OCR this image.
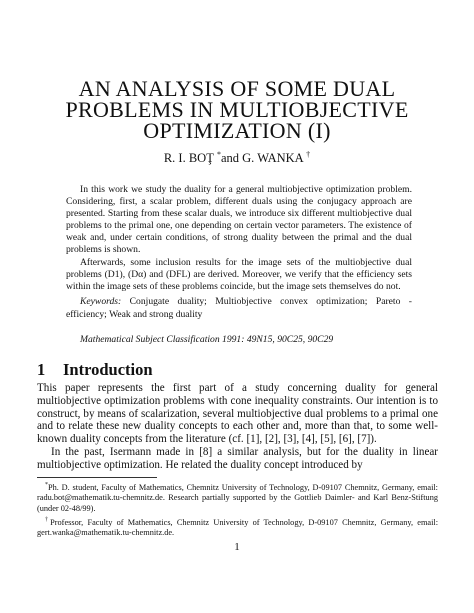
AN ANALYSIS OF SOME DUAL
PROBLEMS IN MULTIOBJECTIVE
OPTIMIZATION (I)
R. I. BOŢ *and G. WANKA †

In this work we study the duality for a general multiobjective optimization problem. Considering, first, a scalar problem, different duals using the conjugacy approach are presented. Starting from these scalar duals, we introduce six different multiobjective dual problems to the primal one, one depending on certain vector parameters. The existence of weak and, under certain conditions, of strong duality between the primal and the dual problems is shown.

Afterwards, some inclusion results for the image sets of the multiobjective dual problems (D1), (Dα) and (DFL) are derived. Moreover, we verify that the efficiency sets within the image sets of these problems coincide, but the image sets themselves do not.

Keywords: Conjugate duality; Multiobjective convex optimization; Pareto - efficiency; Weak and strong duality
Mathematical Subject Classification 1991: 49N15, 90C25, 90C29
1 Introduction

This paper represents the first part of a study concerning duality for general multiobjective optimization problems with cone inequality constraints. Our intention is to construct, by means of scalarization, several multiobjective dual problems to a primal one and to relate these new duality concepts to each other and, more than that, to some well-known duality concepts from the literature (cf. [1], [2], [3], [4], [5], [6], [7]).

In the past, Isermann made in [8] a similar analysis, but for the duality in linear multiobjective optimization. He related the duality concept introduced by

*Ph. D. student, Faculty of Mathematics, Chemnitz University of Technology, D-09107 Chemnitz, Germany, email: radu.bot@mathematik.tu-chemnitz.de. Research partially supported by the Gottlieb Daimler- and Karl Benz-Stiftung (under 02-48/99).

†Professor, Faculty of Mathematics, Chemnitz University of Technology, D-09107 Chemnitz, Germany, email: gert.wanka@mathematik.tu-chemnitz.de.

1
